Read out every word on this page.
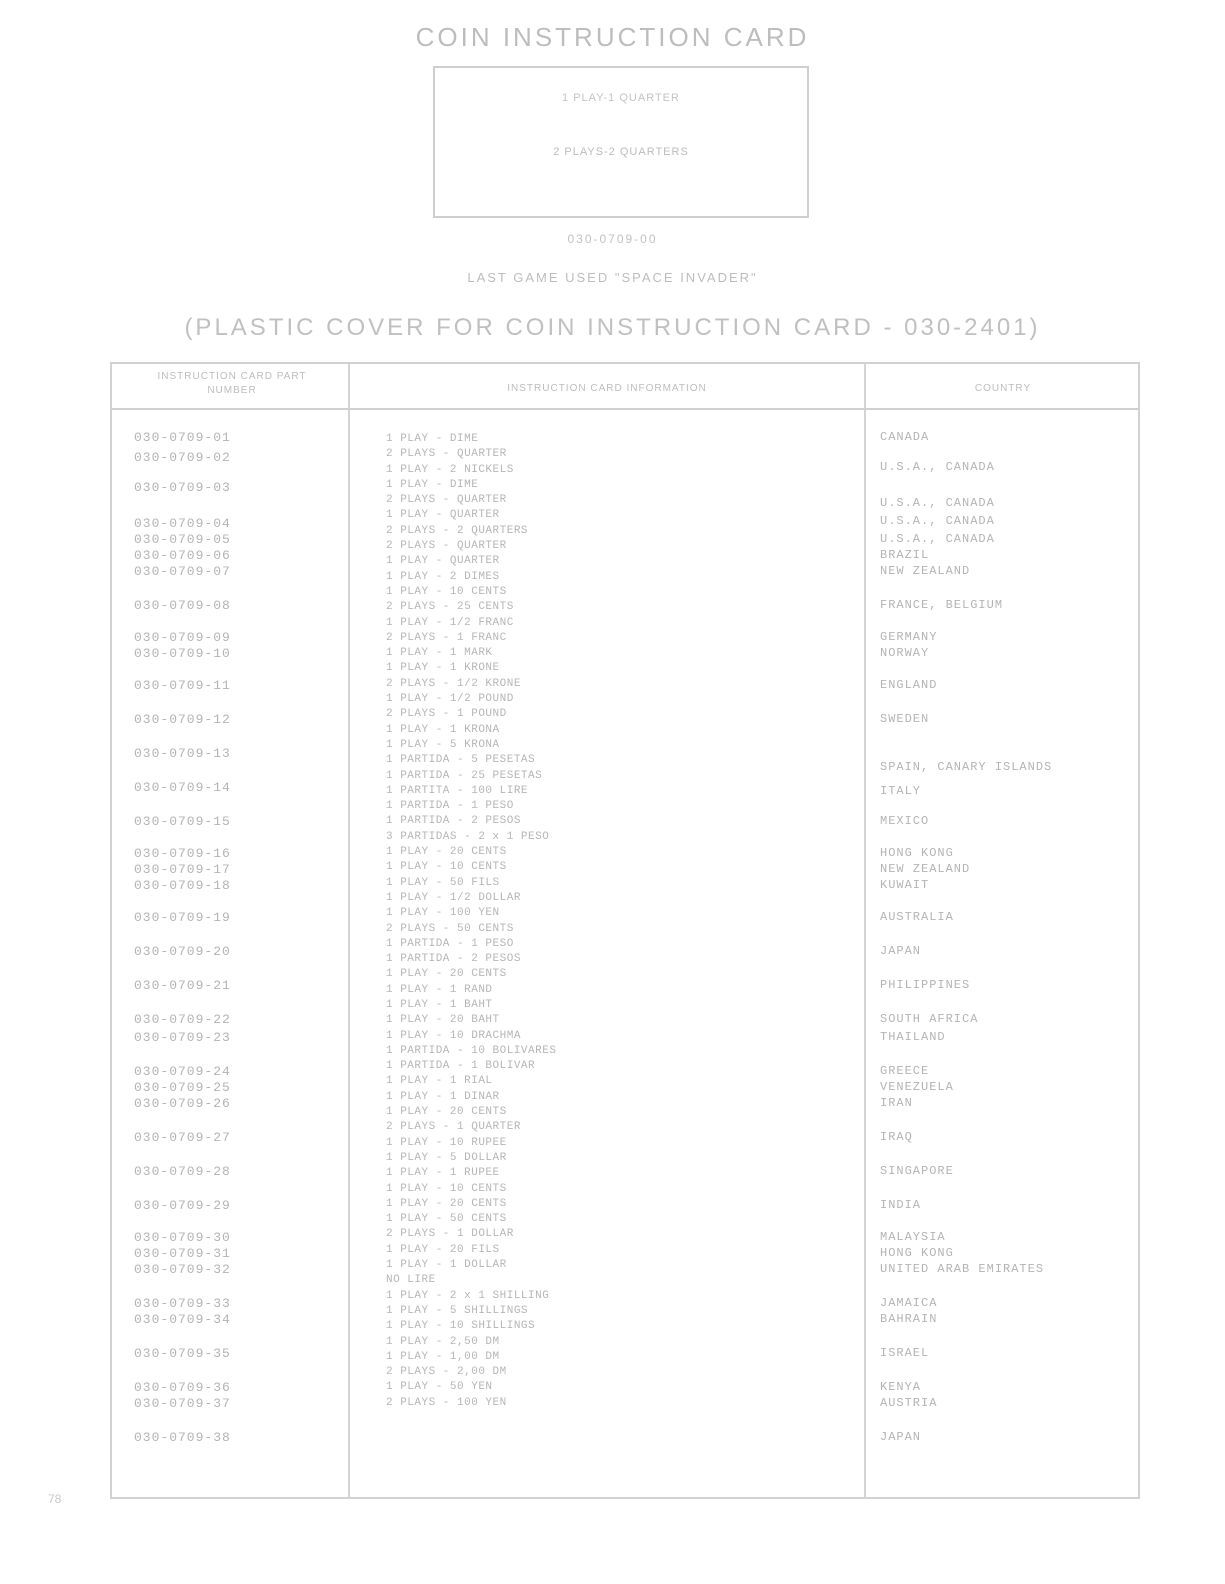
COIN INSTRUCTION CARD
1 PLAY-1 QUARTER
2 PLAYS-2 QUARTERS
030-0709-00
LAST GAME USED "SPACE INVADER"
(PLASTIC COVER FOR COIN INSTRUCTION CARD - 030-2401)
INSTRUCTION CARD PART NUMBER	INSTRUCTION CARD INFORMATION	COUNTRY
030-0709-01
030-0709-02
030-0709-03
030-0709-04
030-0709-05
030-0709-06
030-0709-07
030-0709-08
030-0709-09
030-0709-10
030-0709-11
030-0709-12
030-0709-13
030-0709-14
030-0709-15
030-0709-16
030-0709-17
030-0709-18
030-0709-19
030-0709-20
030-0709-21
030-0709-22
030-0709-23
030-0709-24
030-0709-25
030-0709-26
030-0709-27
030-0709-28
030-0709-29
030-0709-30
030-0709-31
030-0709-32
030-0709-33
030-0709-34
030-0709-35
030-0709-36
030-0709-37
030-0709-38
1 PLAY - DIME
2 PLAYS - QUARTER
1 PLAY - 2 NICKELS
1 PLAY - DIME
2 PLAYS - QUARTER
1 PLAY - QUARTER
2 PLAYS - 2 QUARTERS
2 PLAYS - QUARTER
1 PLAY - QUARTER
1 PLAY - 2 DIMES
1 PLAY - 10 CENTS
2 PLAYS - 25 CENTS
1 PLAY - 1/2 FRANC
2 PLAYS - 1 FRANC
1 PLAY - 1 MARK
1 PLAY - 1 KRONE
2 PLAYS - 1/2 KRONE
1 PLAY - 1/2 POUND
2 PLAYS - 1 POUND
1 PLAY - 1 KRONA
1 PLAY - 5 KRONA
1 PARTIDA - 5 PESETAS
1 PARTIDA - 25 PESETAS
1 PARTITA - 100 LIRE
1 PARTIDA - 1 PESO
1 PARTIDA - 2 PESOS
3 PARTIDAS - 2 x 1 PESO
1 PLAY - 20 CENTS
1 PLAY - 10 CENTS
1 PLAY - 50 FILS
1 PLAY - 1/2 DOLLAR
1 PLAY - 100 YEN
2 PLAYS - 50 CENTS
1 PARTIDA - 1 PESO
1 PARTIDA - 2 PESOS
1 PLAY - 20 CENTS
1 PLAY - 1 RAND
1 PLAY - 1 BAHT
1 PLAY - 20 BAHT
1 PLAY - 10 DRACHMA
1 PARTIDA - 10 BOLIVARES
1 PARTIDA - 1 BOLIVAR
1 PLAY - 1 RIAL
1 PLAY - 1 DINAR
1 PLAY - 20 CENTS
2 PLAYS - 1 QUARTER
1 PLAY - 10 RUPEE
1 PLAY - 5 DOLLAR
1 PLAY - 1 RUPEE
1 PLAY - 10 CENTS
1 PLAY - 20 CENTS
1 PLAY - 50 CENTS
2 PLAYS - 1 DOLLAR
1 PLAY - 20 FILS
1 PLAY - 1 DOLLAR
NO LIRE
1 PLAY - 2 x 1 SHILLING
1 PLAY - 5 SHILLINGS
1 PLAY - 10 SHILLINGS
1 PLAY - 2,50 DM
1 PLAY - 1,00 DM
2 PLAYS - 2,00 DM
1 PLAY - 50 YEN
2 PLAYS - 100 YEN
CANADA
U.S.A., CANADA
U.S.A., CANADA
U.S.A., CANADA
U.S.A., CANADA
BRAZIL
NEW ZEALAND
FRANCE, BELGIUM
GERMANY
NORWAY
ENGLAND
SWEDEN
SPAIN, CANARY ISLANDS
ITALY
MEXICO
HONG KONG
NEW ZEALAND
KUWAIT
AUSTRALIA
JAPAN
PHILIPPINES
SOUTH AFRICA
THAILAND
GREECE
VENEZUELA
IRAN
IRAQ
SINGAPORE
INDIA
MALAYSIA
HONG KONG
UNITED ARAB EMIRATES
JAMAICA
BAHRAIN
ISRAEL
KENYA
AUSTRIA
JAPAN
78
